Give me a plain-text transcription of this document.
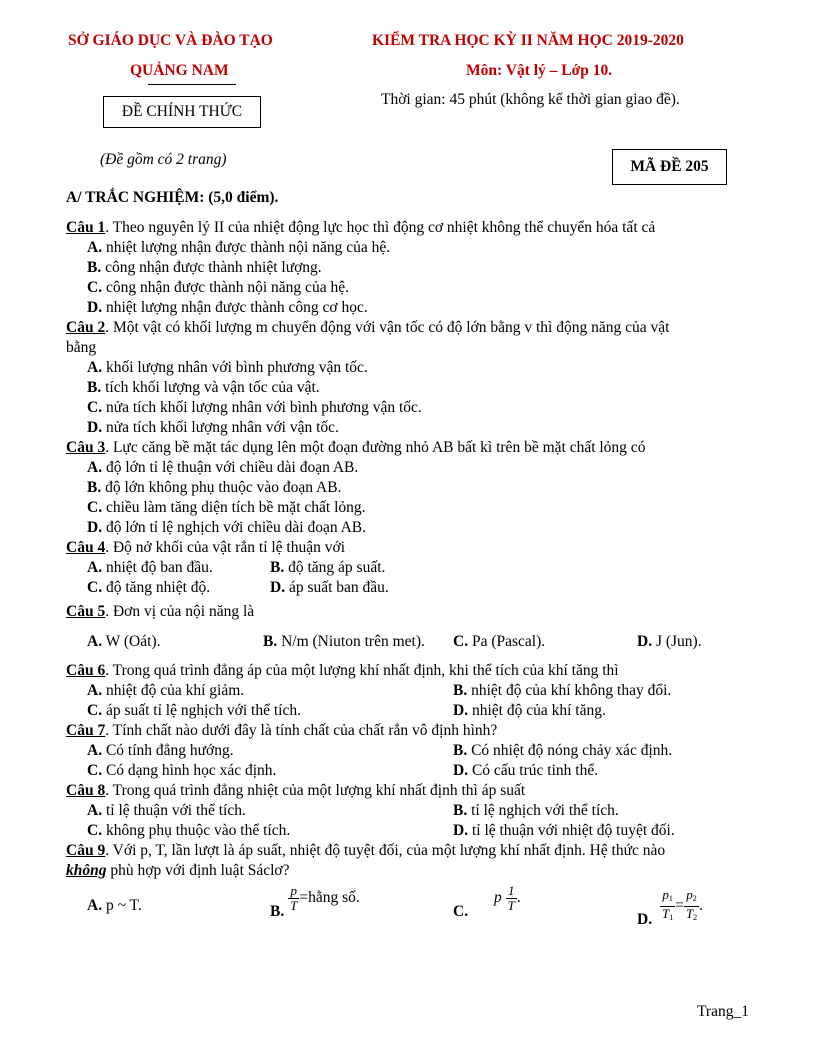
SỞ GIÁO DỤC VÀ ĐÀO TẠO
QUẢNG NAM
ĐỀ CHÍNH THỨC
(Đề gồm có 2 trang)
KIỂM TRA HỌC KỲ II NĂM HỌC 2019-2020
Môn: Vật lý – Lớp 10.
Thời gian: 45 phút (không kể thời gian giao đề).
MÃ ĐỀ 205
A/ TRẮC NGHIỆM: (5,0 điểm).
Câu 1. Theo nguyên lý II của nhiệt động lực học thì động cơ nhiệt không thể chuyển hóa tất cả
A. nhiệt lượng nhận được thành nội năng của hệ.
B. công nhận được thành nhiệt lượng.
C. công nhận được thành nội năng của hệ.
D. nhiệt lượng nhận được thành công cơ học.
Câu 2. Một vật có khối lượng m chuyển động với vận tốc có độ lớn bằng v thì động năng của vật
bằng
A. khối lượng nhân với bình phương vận tốc.
B. tích khối lượng và vận tốc của vật.
C. nửa tích khối lượng nhân với bình phương vận tốc.
D. nửa tích khối lượng nhân với vận tốc.
Câu 3. Lực căng bề mặt tác dụng lên một đoạn đường nhỏ AB bất kì trên bề mặt chất lỏng có
A. độ lớn tỉ lệ thuận với chiều dài đoạn AB.
B. độ lớn không phụ thuộc vào đoạn AB.
C. chiều làm tăng diện tích bề mặt chất lỏng.
D. độ lớn tỉ lệ nghịch với chiều dài đoạn AB.
Câu 4. Độ nở khối của vật rắn tỉ lệ thuận với
A. nhiệt độ ban đầu.	B. độ tăng áp suất.
C. độ tăng nhiệt độ.	D. áp suất ban đầu.
Câu 5. Đơn vị của nội năng là
A. W (Oát).	B. N/m (Niuton trên met). C. Pa (Pascal).	D. J (Jun).
Câu 6. Trong quá trình đẳng áp của một lượng khí nhất định, khi thể tích của khí tăng thì
A. nhiệt độ của khí giảm.	B. nhiệt độ của khí không thay đổi.
C. áp suất tỉ lệ nghịch với thể tích.	D. nhiệt độ của khí tăng.
Câu 7. Tính chất nào dưới đây là tính chất của chất rắn vô định hình?
A. Có tính đẳng hướng.	B. Có nhiệt độ nóng chảy xác định.
C. Có dạng hình học xác định.	D. Có cấu trúc tinh thể.
Câu 8. Trong quá trình đẳng nhiệt của một lượng khí nhất định thì áp suất
A. tỉ lệ thuận với thể tích.	B. tỉ lệ nghịch với thể tích.
C. không phụ thuộc vào thể tích.	D. tỉ lệ thuận với nhiệt độ tuyệt đối.
Câu 9. Với p, T, lần lượt là áp suất, nhiệt độ tuyệt đối, của một lượng khí nhất định. Hệ thức nào
không phù hợp với định luật Sáclơ?
A. p ~ T.	B. $\frac{p}{T}$ =hằng số.
C. p $\frac{1}{T}$ .
D. $\frac{p_1}{T_1} = \frac{p_2}{T_2}$ .
Trang_1
